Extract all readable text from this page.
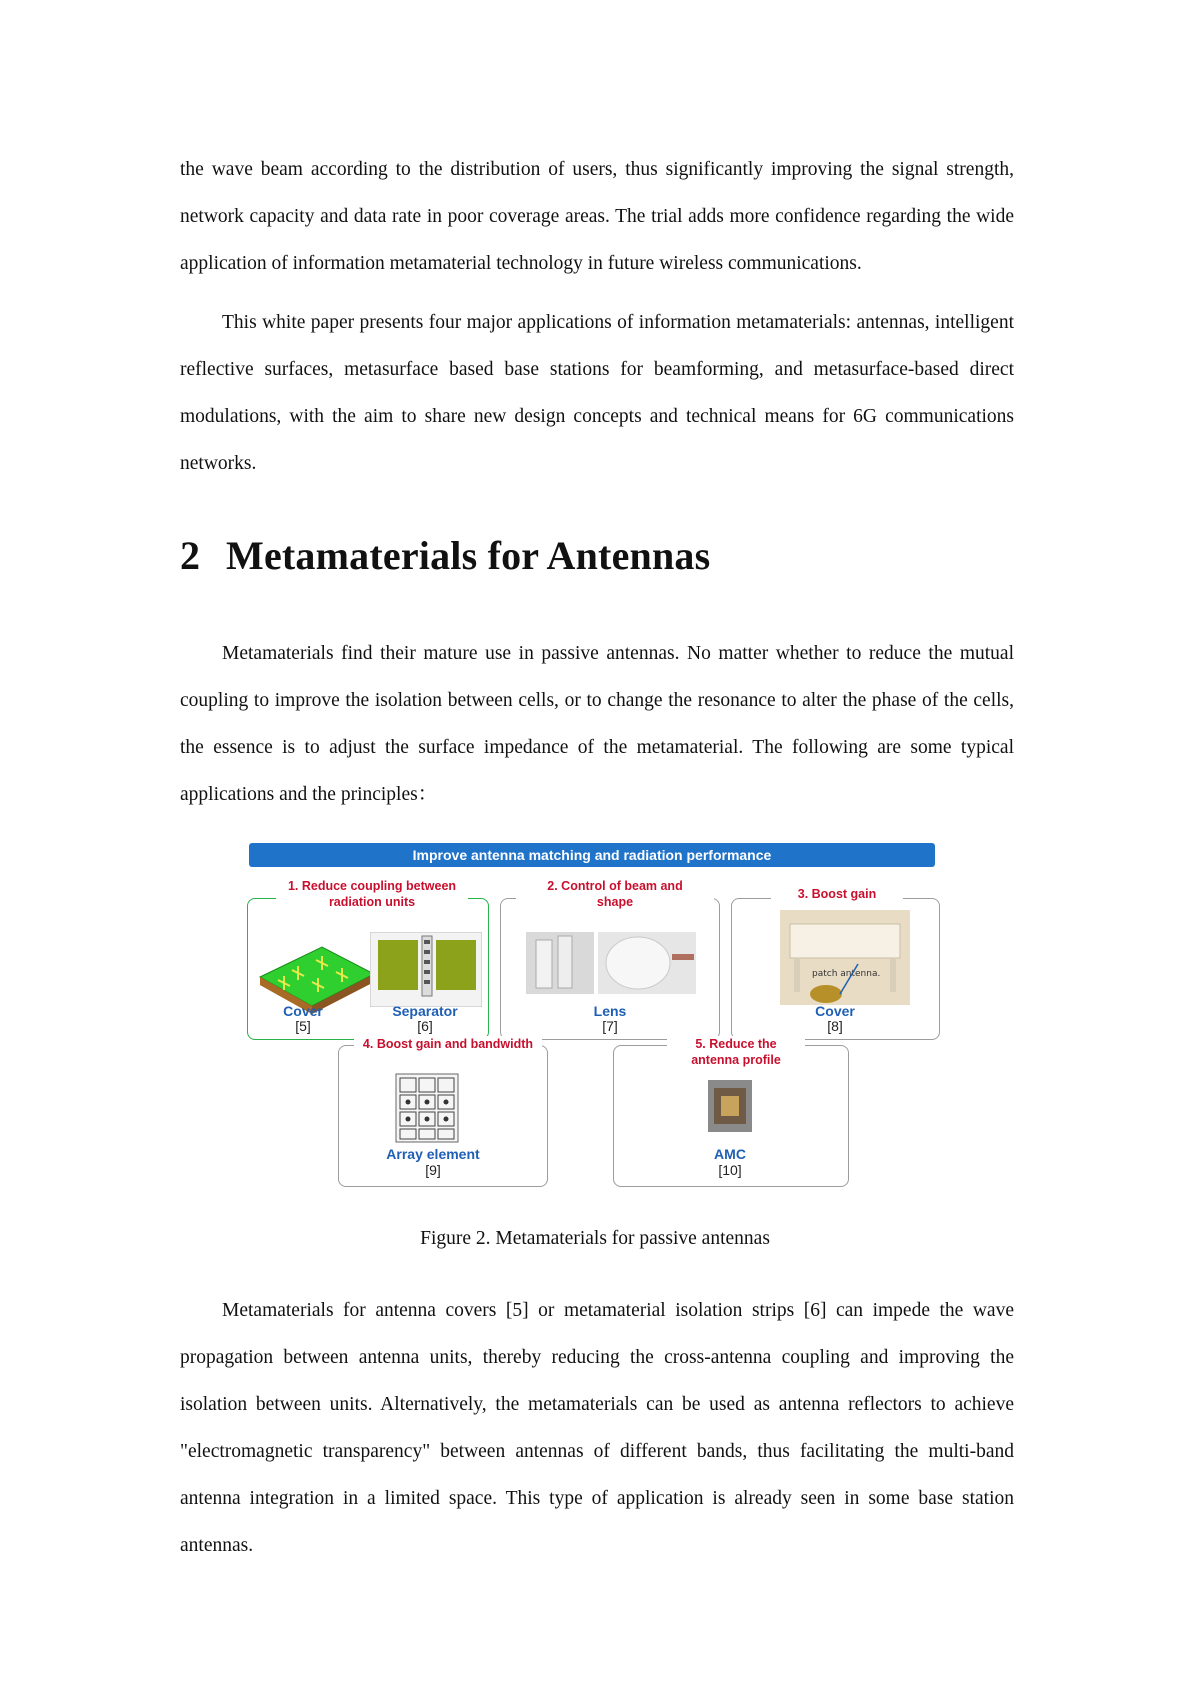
the wave beam according to the distribution of users, thus significantly improving the signal strength, network capacity and data rate in poor coverage areas. The trial adds more confidence regarding the wide application of information metamaterial technology in future wireless communications.

This white paper presents four major applications of information metamaterials: antennas, intelligent reflective surfaces, metasurface based base stations for beamforming, and metasurface-based direct modulations, with the aim to share new design concepts and technical means for 6G communications networks.

2 Metamaterials for Antennas

Metamaterials find their mature use in passive antennas. No matter whether to reduce the mutual coupling to improve the isolation between cells, or to change the resonance to alter the phase of the cells, the essence is to adjust the surface impedance of the metamaterial. The following are some typical applications and the principles：

Improve antenna matching and radiation performance
1. Reduce coupling between
radiation units
Cover
[5]
Separator
[6]
2. Control of beam and
shape
Lens
[7]
3. Boost gain
patch antenna.
Cover
[8]
4. Boost gain and bandwidth
Array element
[9]
5. Reduce the
antenna profile
AMC
[10]
Figure 2. Metamaterials for passive antennas

Metamaterials for antenna covers [5] or metamaterial isolation strips [6] can impede the wave propagation between antenna units, thereby reducing the cross-antenna coupling and improving the isolation between units. Alternatively, the metamaterials can be used as antenna reflectors to achieve "electromagnetic transparency" between antennas of different bands, thus facilitating the multi-band antenna integration in a limited space. This type of application is already seen in some base station antennas.
